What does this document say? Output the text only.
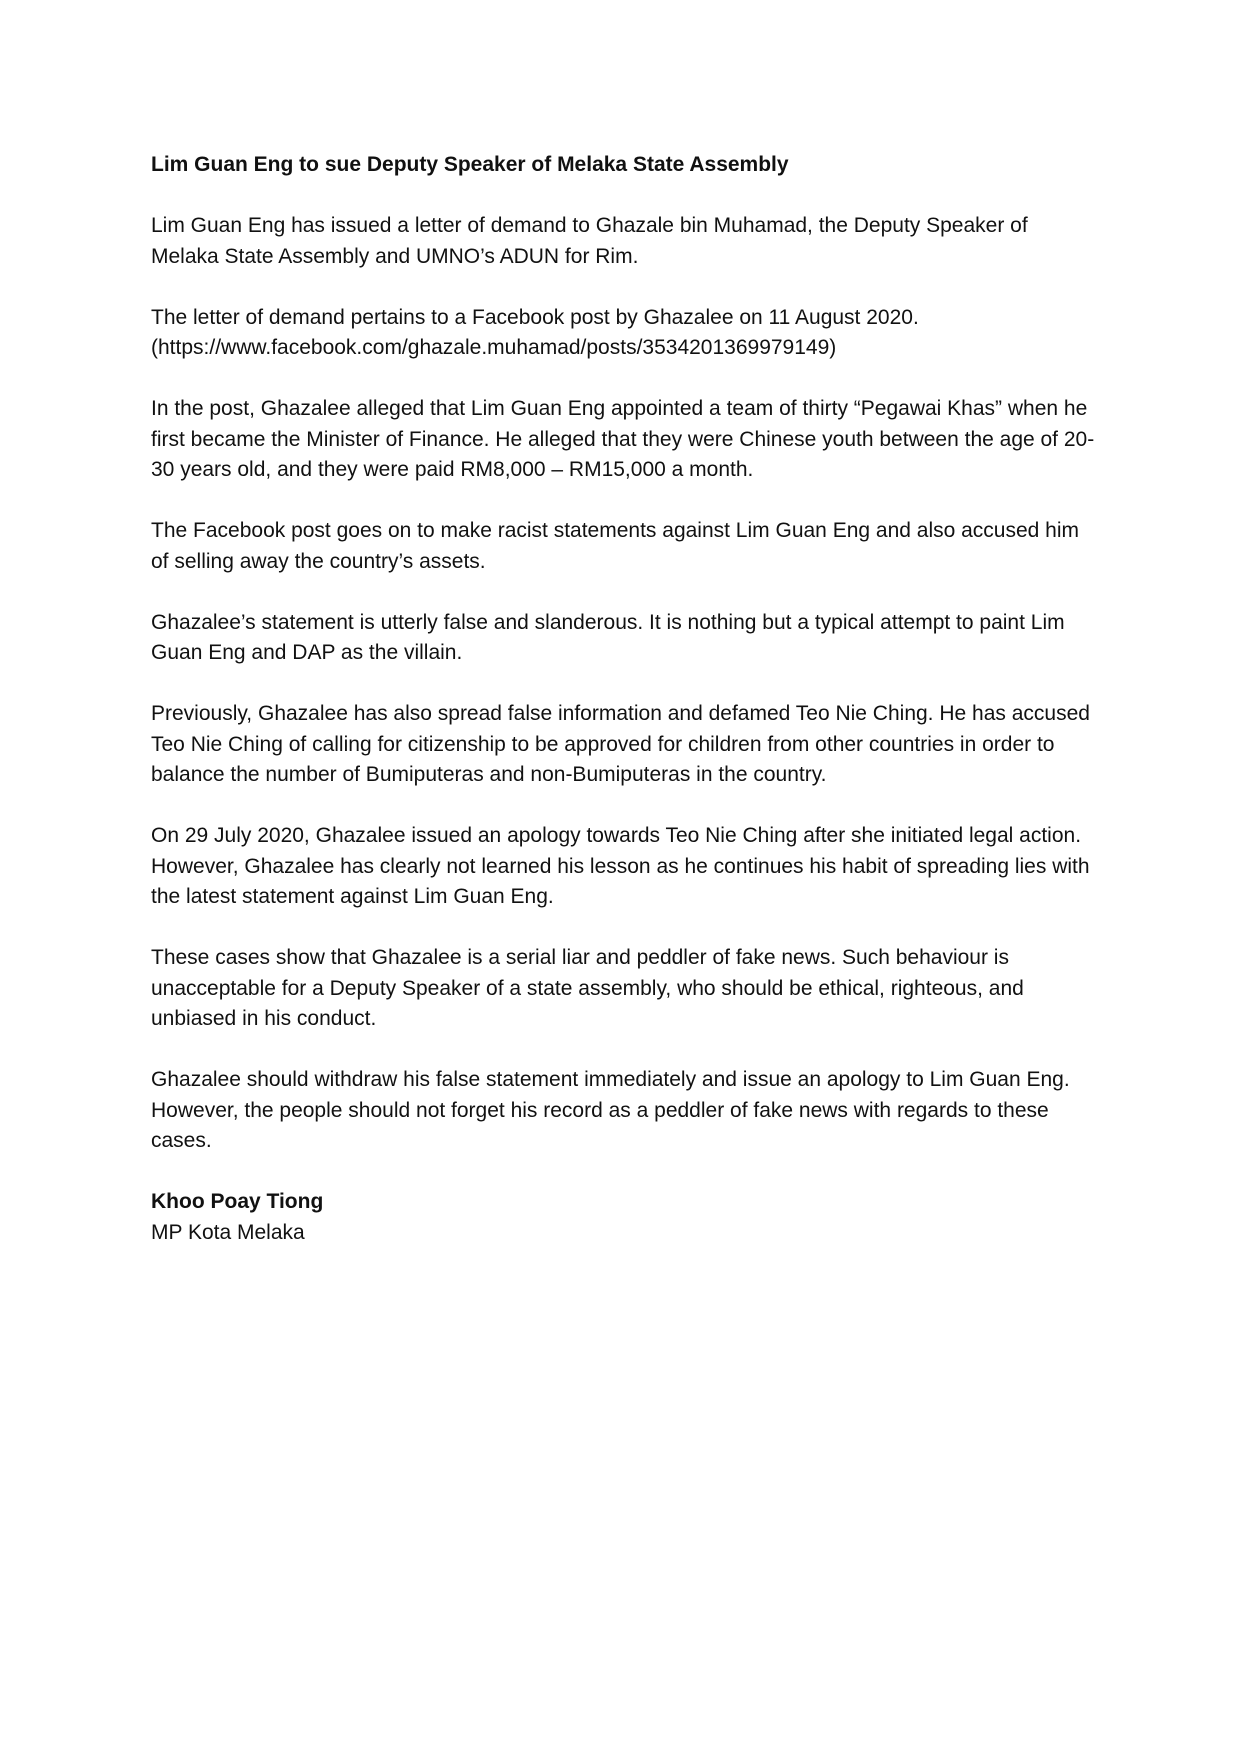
Lim Guan Eng to sue Deputy Speaker of Melaka State Assembly

Lim Guan Eng has issued a letter of demand to Ghazale bin Muhamad, the Deputy Speaker of Melaka State Assembly and UMNO’s ADUN for Rim.

The letter of demand pertains to a Facebook post by Ghazalee on 11 August 2020. (https://www.facebook.com/ghazale.muhamad/posts/3534201369979149)

In the post, Ghazalee alleged that Lim Guan Eng appointed a team of thirty “Pegawai Khas” when he first became the Minister of Finance. He alleged that they were Chinese youth between the age of 20-30 years old, and they were paid RM8,000 – RM15,000 a month.

The Facebook post goes on to make racist statements against Lim Guan Eng and also accused him of selling away the country’s assets.

Ghazalee’s statement is utterly false and slanderous. It is nothing but a typical attempt to paint Lim Guan Eng and DAP as the villain.

Previously, Ghazalee has also spread false information and defamed Teo Nie Ching. He has accused Teo Nie Ching of calling for citizenship to be approved for children from other countries in order to balance the number of Bumiputeras and non-Bumiputeras in the country.

On 29 July 2020, Ghazalee issued an apology towards Teo Nie Ching after she initiated legal action. However, Ghazalee has clearly not learned his lesson as he continues his habit of spreading lies with the latest statement against Lim Guan Eng.

These cases show that Ghazalee is a serial liar and peddler of fake news. Such behaviour is unacceptable for a Deputy Speaker of a state assembly, who should be ethical, righteous, and unbiased in his conduct.

Ghazalee should withdraw his false statement immediately and issue an apology to Lim Guan Eng. However, the people should not forget his record as a peddler of fake news with regards to these cases.

Khoo Poay Tiong

MP Kota Melaka
